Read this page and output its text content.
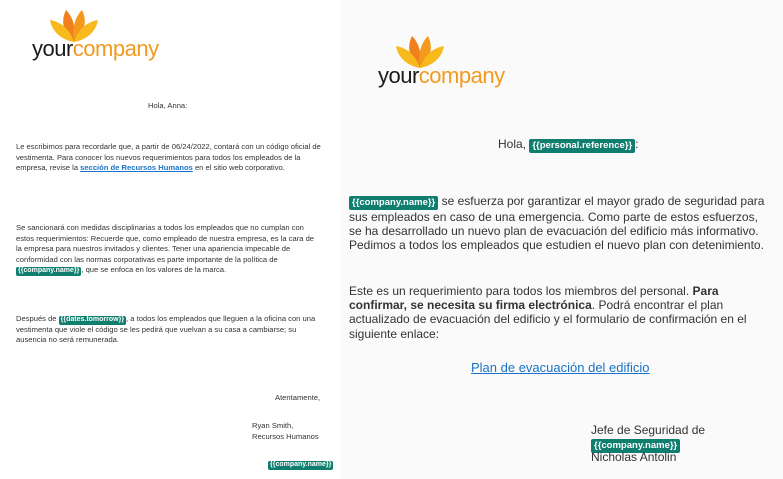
yourcompany
Hola, Anna:
Le escribimos para recordarle que, a partir de 06/24/2022, contará con un código oficial de vestimenta. Para conocer los nuevos requerimientos para todos los empleados de la empresa, revise la sección de Recursos Humanos en el sitio web corporativo.
Se sancionará con medidas disciplinarias a todos los empleados que no cumplan con estos requerimientos: Recuerde que, como empleado de nuestra empresa, es la cara de la empresa para nuestros invitados y clientes. Tener una apariencia impecable de conformidad con las normas corporativas es parte importante de la política de {{company.name}} , que se enfoca en los valores de la marca.
Después de {{dates.tomorrow}} , a todos los empleados que lleguen a la oficina con una vestimenta que viole el código se les pedirá que vuelvan a su casa a cambiarse; su ausencia no será remunerada.
Atentamente,
Ryan Smith,
Recursos Humanos
{{company.name}}
yourcompany
Hola, {{personal.reference}} :
{{company.name}} se esfuerza por garantizar el mayor grado de seguridad para sus empleados en caso de una emergencia. Como parte de estos esfuerzos, se ha desarrollado un nuevo plan de evacuación del edificio más informativo. Pedimos a todos los empleados que estudien el nuevo plan con detenimiento.
Este es un requerimiento para todos los miembros del personal. Para confirmar, se necesita su firma electrónica. Podrá encontrar el plan actualizado de evacuación del edificio y el formulario de confirmación en el siguiente enlace:
Plan de evacuación del edificio
Jefe de Seguridad de {{company.name}}
Nicholas Antolin
